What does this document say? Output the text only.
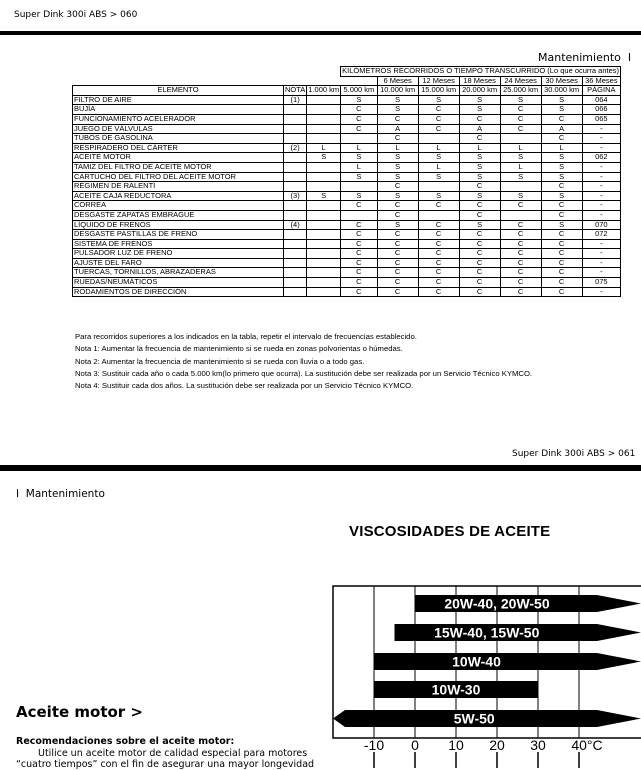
Super Dink 300i ABS > 060
Mantenimiento  I
			KILÓMETROS RECORRIDOS O TIEMPO TRANSCURRIDO (Lo que ocurra antes)							
				6 Meses	12 Meses	18 Meses	24 Meses	30 Meses	36 Meses	
ELEMENTO	NOTA	1.000 km	5.000 km	10.000 km	15.000 km	20.000 km	25.000 km	30.000 km	PÁGINA	
FILTRO DE AIRE	(1)		S	S	S	S	S	S	064	
BUJÍA			C	S	C	S	C	S	066	
FUNCIONAMIENTO ACELERADOR			C	C	C	C	C	C	065	
JUEGO DE VÁLVULAS			C	A	C	A	C	A	-	
TUBOS DE GASOLINA				C		C		C	-	
RESPIRADERO DEL CÁRTER	(2)	L	L	L	L	L	L	L	-	
ACEITE MOTOR		S	S	S	S	S	S	S	062	
TAMIZ DEL FILTRO DE ACEITE MOTOR			L	S	L	S	L	S	-	
CARTUCHO DEL FILTRO DEL ACEITE MOTOR			S	S	S	S	S	S	-	
RÉGIMEN DE RALENTÍ				C		C		C	-	
ACEITE CAJA REDUCTORA	(3)	S	S	S	S	S	S	S	-	
CORREA			C	C	C	C	C	C	-	
DESGASTE ZAPATAS EMBRAGUE				C		C		C	-	
LÍQUIDO DE FRENOS	(4)		C	S	C	S	C	S	070	
DESGASTE PASTILLAS DE FRENO			C	C	C	C	C	C	072	
SISTEMA DE FRENOS			C	C	C	C	C	C	-	
PULSADOR LUZ DE FRENO			C	C	C	C	C	C	-	
AJUSTE DEL FARO			C	C	C	C	C	C	-	
TUERCAS, TORNILLOS, ABRAZADERAS			C	C	C	C	C	C	-	
RUEDAS/NEUMÁTICOS			C	C	C	C	C	C	075	
RODAMIENTOS DE DIRECCIÓN			C	C	C	C	C	C	-	
Para recorridos superiores a los indicados en la tabla, repetir el intervalo de frecuencias establecido.
Nota 1: Aumentar la frecuencia de mantenimiento si se rueda en zonas polvorientas o húmedas.
Nota 2: Aumentar la frecuencia de mantenimiento si se rueda con lluvia o a todo gas.
Nota 3: Sustituir cada año o cada 5.000 km(lo primero que ocurra). La sustitución debe ser realizada por un Servicio Técnico KYMCO.
Nota 4: Sustituir cada dos años. La sustitución debe ser realizada por un Servicio Técnico KYMCO.
Super Dink 300i ABS > 061
I  Mantenimiento
VISCOSIDADES DE ACEITE
20W-40, 20W-50
15W-40, 15W-50
10W-40
10W-30
5W-50
-10 0 10 20 30 40°C
Aceite motor >
Recomendaciones sobre el aceite motor:
Utilice un aceite motor de calidad especial para motores
“cuatro tiempos” con el fin de asegurar una mayor longevidad
